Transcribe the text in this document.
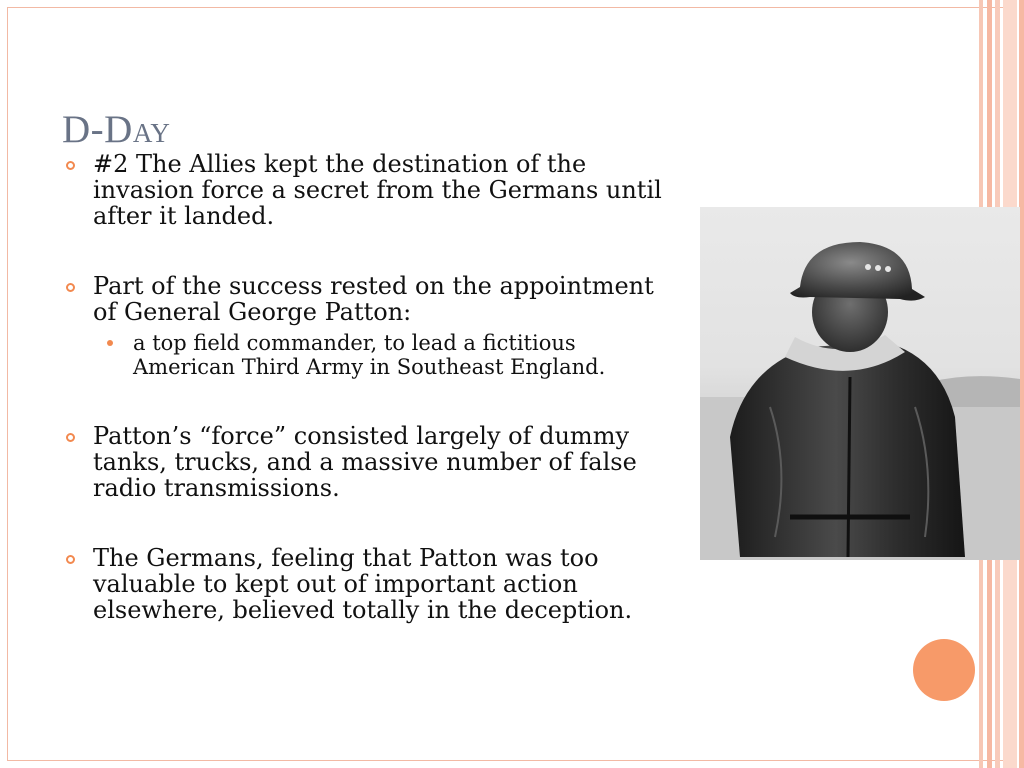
D-Day
#2 The Allies kept the destination of the invasion force a secret from the Germans until after it landed.
Part of the success rested on the appointment of General George Patton:
a top field commander, to lead a fictitious American Third Army in Southeast England.
Patton’s “force” consisted largely of dummy tanks, trucks, and a massive number of false radio transmissions.
The Germans, feeling that Patton was too valuable to kept out of important action elsewhere, believed totally in the deception.
